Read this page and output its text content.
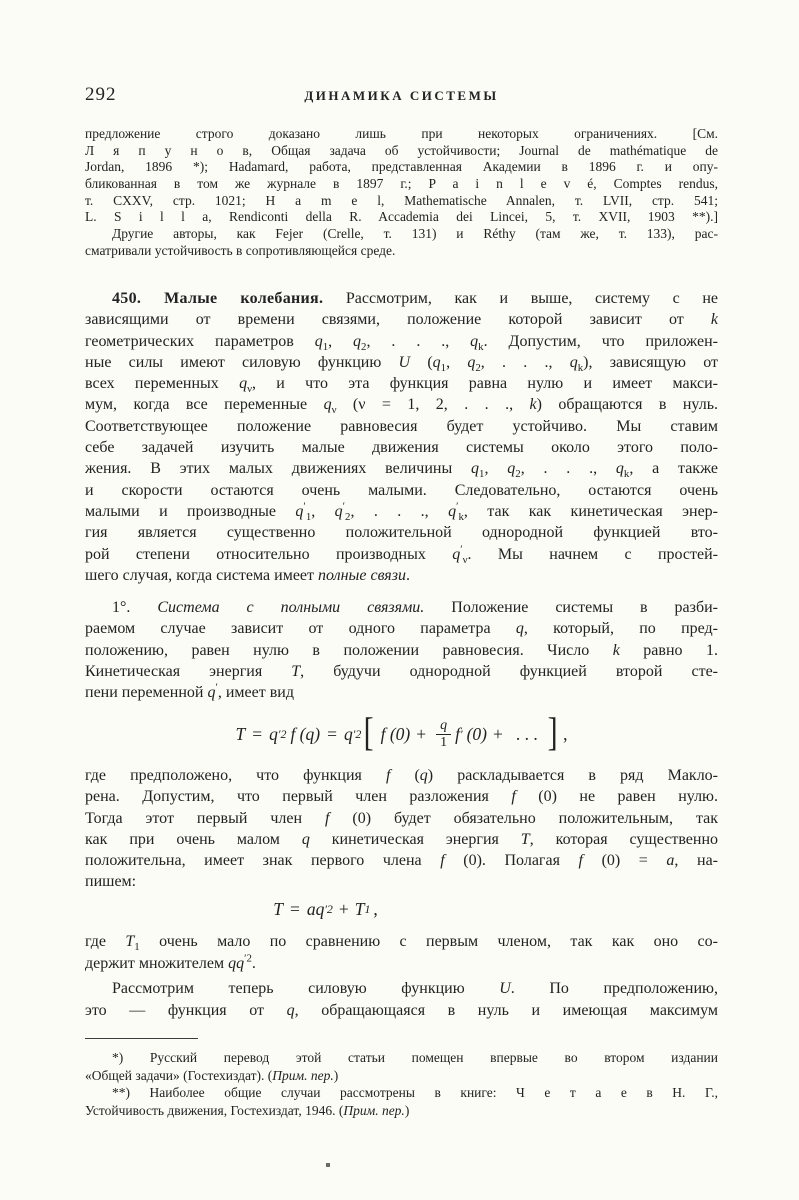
292	ДИНАМИКА СИСТЕМЫ
предложение строго доказано лишь при некоторых ограничениях. [См.
Л я п у н о в, Общая задача об устойчивости; Journal de mathématique de
Jordan, 1896 *); Hadamard, работа, представленная Академии в 1896 г. и опу-
бликованная в том же журнале в 1897 г.; P a i n l e v é, Comptes rendus,
т. CXXV, стр. 1021; H a m e l, Mathematische Annalen, т. LVII, стр. 541;
L. S i l l a, Rendiconti della R. Accademia dei Lincei, 5, т. XVII, 1903 **).]
Другие авторы, как Fejer (Crelle, т. 131) и Réthy (там же, т. 133), рас-
сматривали устойчивость в сопротивляющейся среде.
450. Малые колебания. Рассмотрим, как и выше, систему с не
зависящими от времени связями, положение которой зависит от k
геометрических параметров $q_1$, $q_2$, . . ., $q_k$. Допустим, что приложен-
ные силы имеют силовую функцию U ($q_1$, $q_2$, . . ., $q_k$), зависящую от
всех переменных $q_\nu$, и что эта функция равна нулю и имеет макси-
мум, когда все переменные $q_\nu$ (ν = 1, 2, . . ., k) обращаются в нуль.
Соответствующее положение равновесия будет устойчиво. Мы ставим
себе задачей изучить малые движения системы около этого поло-
жения. В этих малых движениях величины $q_1$, $q_2$, . . ., $q_k$, а также
и скорости остаются очень малыми. Следовательно, остаются очень
малыми и производные $q'_1$, $q'_2$, . . ., $q'_k$, так как кинетическая энер-
гия является существенно положительной однородной функцией вто-
рой степени относительно производных $q'_\nu$. Мы начнем с простей-
шего случая, когда система имеет полные связи.
1°. Система с полными связями. Положение системы в разби-
раемом случае зависит от одного параметра q, который, по пред-
положению, равен нулю в положении равновесия. Число k равно 1.
Кинетическая энергия T, будучи однородной функцией второй сте-
пени переменной q′, имеет вид
T = q ′2 f (q) = q ′2 [ f $(0) + \frac{q}{1}$ f ′ (0) + . . . ] ,
где предположено, что функция f (q) раскладывается в ряд Макло-
рена. Допустим, что первый член разложения f (0) не равен нулю.
Тогда этот первый член f (0) будет обязательно положительным, так
как при очень малом q кинетическая энергия T, которая существенно
положительна, имеет знак первого члена f (0). Полагая f (0) = a, на-
пишем:
T = aq ′2 + T 1 ,
где $T_1$ очень мало по сравнению с первым членом, так как оно со-
держит множителем $qq^{'2}$.
Рассмотрим теперь силовую функцию U. По предположению,
это — функция от q, обращающаяся в нуль и имеющая максимум
*) Русский перевод этой статьи помещен впервые во втором издании
«Общей задачи» (Гостехиздат). (Прим. пер.)
**) Наиболее общие случаи рассмотрены в книге: Ч е т а е в Н. Г.,
Устойчивость движения, Гостехиздат, 1946. (Прим. пер.)
